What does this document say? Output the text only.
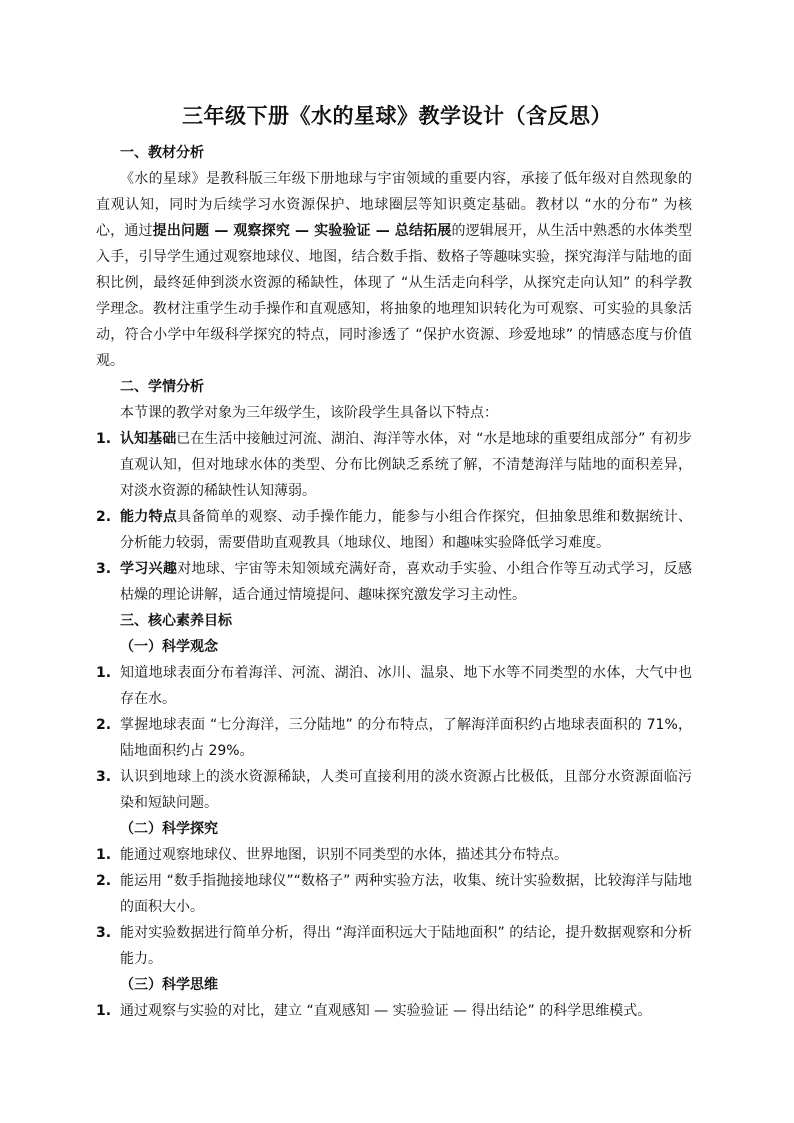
三年级下册《水的星球》教学设计（含反思）

一、教材分析

《水的星球》是教科版三年级下册地球与宇宙领域的重要内容，承接了低年级对自然现象的直观认知，同时为后续学习水资源保护、地球圈层等知识奠定基础。教材以 “水的分布” 为核心，通过提出问题 — 观察探究 — 实验验证 — 总结拓展的逻辑展开，从生活中熟悉的水体类型入手，引导学生通过观察地球仪、地图，结合数手指、数格子等趣味实验，探究海洋与陆地的面积比例，最终延伸到淡水资源的稀缺性，体现了 “从生活走向科学，从探究走向认知” 的科学教学理念。教材注重学生动手操作和直观感知，将抽象的地理知识转化为可观察、可实验的具象活动，符合小学中年级科学探究的特点，同时渗透了 “保护水资源、珍爱地球” 的情感态度与价值观。

二、学情分析

本节课的教学对象为三年级学生，该阶段学生具备以下特点：

1. 认知基础已在生活中接触过河流、湖泊、海洋等水体，对 “水是地球的重要组成部分” 有初步直观认知，但对地球水体的类型、分布比例缺乏系统了解，不清楚海洋与陆地的面积差异，对淡水资源的稀缺性认知薄弱。

2. 能力特点具备简单的观察、动手操作能力，能参与小组合作探究，但抽象思维和数据统计、分析能力较弱，需要借助直观教具（地球仪、地图）和趣味实验降低学习难度。

3. 学习兴趣对地球、宇宙等未知领域充满好奇，喜欢动手实验、小组合作等互动式学习，反感枯燥的理论讲解，适合通过情境提问、趣味探究激发学习主动性。

三、核心素养目标

（一）科学观念

1. 知道地球表面分布着海洋、河流、湖泊、冰川、温泉、地下水等不同类型的水体，大气中也存在水。

2. 掌握地球表面 “七分海洋，三分陆地” 的分布特点，了解海洋面积约占地球表面积的 71%，陆地面积约占 29%。

3. 认识到地球上的淡水资源稀缺，人类可直接利用的淡水资源占比极低，且部分水资源面临污染和短缺问题。

（二）科学探究

1. 能通过观察地球仪、世界地图，识别不同类型的水体，描述其分布特点。

2. 能运用 “数手指抛接地球仪”“数格子” 两种实验方法，收集、统计实验数据，比较海洋与陆地的面积大小。

3. 能对实验数据进行简单分析，得出 “海洋面积远大于陆地面积” 的结论，提升数据观察和分析能力。

（三）科学思维

1. 通过观察与实验的对比，建立 “直观感知 — 实验验证 — 得出结论” 的科学思维模式。
